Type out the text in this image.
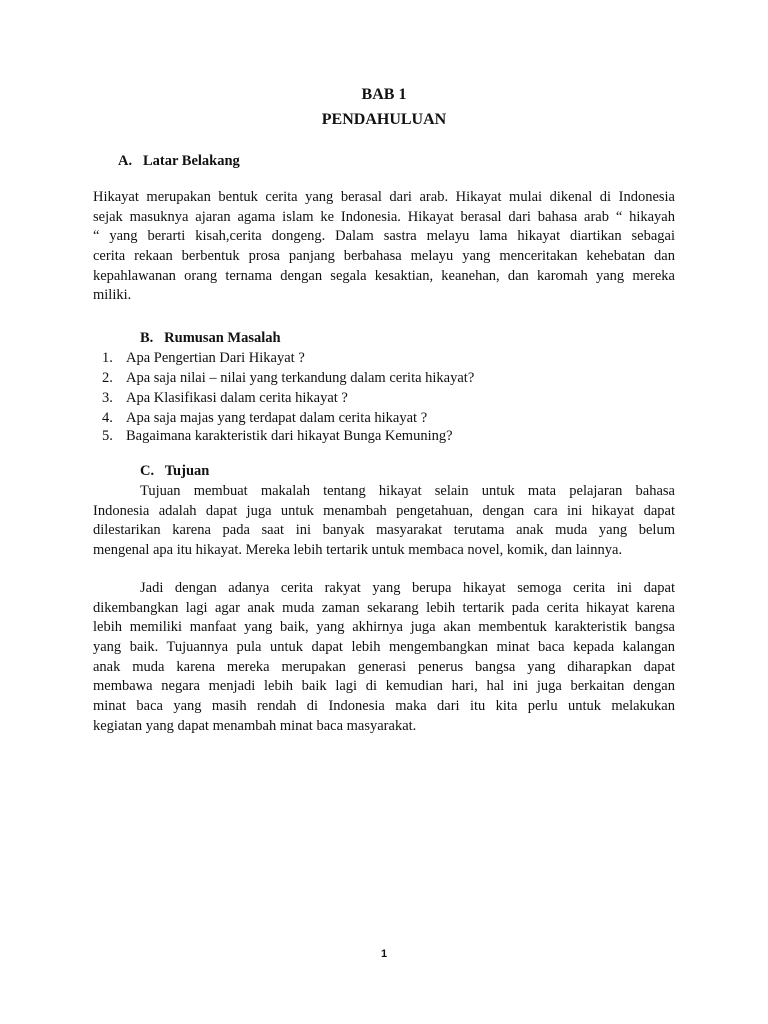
BAB 1
PENDAHULUAN
A.   Latar Belakang
Hikayat merupakan bentuk cerita yang berasal dari arab. Hikayat mulai dikenal di Indonesia
sejak masuknya ajaran agama islam ke Indonesia. Hikayat berasal dari bahasa arab “ hikayah
“ yang berarti kisah,cerita dongeng. Dalam sastra melayu lama hikayat diartikan sebagai
cerita rekaan berbentuk prosa panjang berbahasa melayu yang menceritakan kehebatan dan
kepahlawanan orang ternama dengan segala kesaktian, keanehan, dan karomah yang mereka
miliki.
B.   Rumusan Masalah
1. Apa Pengertian Dari Hikayat ?
2. Apa saja nilai – nilai yang terkandung dalam cerita hikayat?
3. Apa Klasifikasi dalam cerita hikayat ?
4. Apa saja majas yang terdapat dalam cerita hikayat ?
5. Bagaimana karakteristik dari hikayat Bunga Kemuning?
C.   Tujuan
Tujuan membuat makalah tentang hikayat selain untuk mata pelajaran bahasa
Indonesia adalah dapat juga untuk menambah pengetahuan, dengan cara ini hikayat dapat
dilestarikan karena pada saat ini banyak masyarakat terutama anak muda yang belum
mengenal apa itu hikayat. Mereka lebih tertarik untuk membaca novel, komik, dan lainnya.
Jadi dengan adanya cerita rakyat yang berupa hikayat semoga cerita ini dapat
dikembangkan lagi agar anak muda zaman sekarang lebih tertarik pada cerita hikayat karena
lebih memiliki manfaat yang baik, yang akhirnya juga akan membentuk karakteristik bangsa
yang baik. Tujuannya pula untuk dapat lebih mengembangkan minat baca kepada kalangan
anak muda karena mereka merupakan generasi penerus bangsa yang diharapkan dapat
membawa negara menjadi lebih baik lagi di kemudian hari, hal ini juga berkaitan dengan
minat baca yang masih rendah di Indonesia maka dari itu kita perlu untuk melakukan
kegiatan yang dapat menambah minat baca masyarakat.
1
